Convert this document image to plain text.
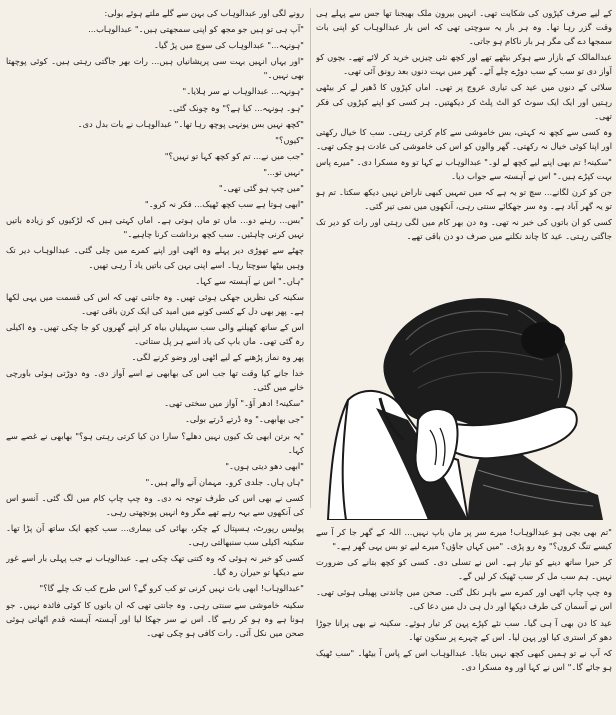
رونے لگی اور عبدالوہاب کی بہن سے گلے ملتے ہوئے بولی:

"آپ ہی تو ہیں جو مجھ کو اپنی سمجھتی ہیں۔" عبدالوہاب...

"ہونہہ..." عبدالوہاب کی سوچ میں پڑ گیا۔

"اور یہاں انہیں بہت سی پریشانیاں ہیں... رات بھر جاگتی رہتی ہیں۔ کوئی پوچھتا بھی نہیں۔"

"ہونہہ... عبدالوہاب نے سر ہلایا۔"

"ہو۔ ہونہہ... کیا ہے؟" وہ چونک گئی۔

"کچھ نہیں بس یونہی پوچھ رہا تھا۔" عبدالوہاب نے بات بدل دی۔

"کیوں؟"

"جب میں نے... تم کو کچھ کہا تو نہیں؟"

"نہیں تو..."

"میں چپ ہو گئی تھی۔"

"ابھی ہوتا ہے سب کچھ ٹھیک... فکر نہ کرو۔"

"بس... رہنے دو... ماں تو ماں ہوتی ہے۔ اماں کہتی ہیں کہ لڑکیوں کو زیادہ باتیں نہیں کرنی چاہئیں۔ سب کچھ برداشت کرنا چاہیے۔"

چھٹے سے تھوڑی دیر پہلے وہ اٹھی اور اپنے کمرے میں چلی گئی۔ عبدالوہاب دیر تک وہیں بیٹھا سوچتا رہا۔ اسے اپنی بہن کی باتیں یاد آ رہی تھیں۔

"ہاں۔" اس نے آہستہ سے کہا۔

سکینہ کی نظریں جھکی ہوئی تھیں۔ وہ جانتی تھی کہ اس کی قسمت میں یہی لکھا ہے۔ پھر بھی دل کے کسی کونے میں امید کی ایک کرن باقی تھی۔

اس کے ساتھ کھیلنے والی سب سہیلیاں بیاہ کر اپنے گھروں کو جا چکی تھیں۔ وہ اکیلی رہ گئی تھی۔ ماں باپ کی یاد اسے ہر پل ستاتی۔

پھر وہ نماز پڑھنے کے لیے اٹھی اور وضو کرنے لگی۔

خدا جانے کیا وقت تھا جب اس کی بھابھی نے اسے آواز دی۔ وہ دوڑتی ہوئی باورچی خانے میں گئی۔

"سکینہ! ادھر آؤ۔" آواز میں سختی تھی۔

"جی بھابھی۔" وہ ڈرتے ڈرتے بولی۔

"یہ برتن ابھی تک کیوں نہیں دھلے؟ سارا دن کیا کرتی رہتی ہو؟" بھابھی نے غصے سے کہا۔

"ابھی دھو دیتی ہوں۔"

"ہاں ہاں۔ جلدی کرو۔ مہمان آنے والے ہیں۔"

کسی نے بھی اس کی طرف توجہ نہ دی۔ وہ چپ چاپ کام میں لگ گئی۔ آنسو اس کی آنکھوں سے بہہ رہے تھے مگر وہ انہیں پونچھتی رہی۔

پولیس رپورٹ، ہسپتال کے چکر، بھائی کی بیماری... سب کچھ ایک ساتھ آن پڑا تھا۔ سکینہ اکیلی سب سنبھالتی رہی۔

کسی کو خبر نہ ہوئی کہ وہ کتنی تھک چکی ہے۔ عبدالوہاب نے جب پہلی بار اسے غور سے دیکھا تو حیران رہ گیا۔

"عبدالوہاب! ابھی بات نہیں کرنی تو کب کرو گے؟ اس طرح کب تک چلے گا؟"

سکینہ خاموشی سے سنتی رہی۔ وہ جانتی تھی کہ ان باتوں کا کوئی فائدہ نہیں۔ جو ہونا ہے وہ ہو کر رہے گا۔ اس نے سر جھکا لیا اور آہستہ آہستہ قدم اٹھاتی ہوئی صحن میں نکل آئی۔ رات کافی ہو چکی تھی۔

کے لیے صرف کپڑوں کی شکایت تھی۔ انہیں بیرون ملک بھیجنا تھا جس سے پہلے ہی وقت گزر رہا تھا۔ وہ ہر بار یہ سوچتی تھی کہ اس بار عبدالوہاب کو اپنی بات سمجھا دے گی مگر ہر بار ناکام ہو جاتی۔

عبدالمالک کے بازار سے ہوکر بیٹھے تھے اور کچھ نئی چیزیں خرید کر لائے تھے۔ بچوں کو آواز دی تو سب کے سب دوڑے چلے آئے۔ گھر میں بہت دنوں بعد رونق آئی تھی۔

سلائی کے دنوں میں عید کی تیاری عروج پر تھی۔ اماں کپڑوں کا ڈھیر لے کر بیٹھی رہتیں اور ایک ایک سوٹ کو الٹ پلٹ کر دیکھتیں۔ ہر کسی کو اپنے کپڑوں کی فکر تھی۔

وہ کسی سے کچھ نہ کہتی، بس خاموشی سے کام کرتی رہتی۔ سب کا خیال رکھتی اور اپنا کوئی خیال نہ رکھتی۔ گھر والوں کو اس کی خاموشی کی عادت ہو چکی تھی۔

"سکینہ! تم بھی اپنے لیے کچھ لے لو۔" عبدالوہاب نے کہا تو وہ مسکرا دی۔ "میرے پاس بہت کپڑے ہیں۔" اس نے آہستہ سے جواب دیا۔

جن کو کرن لگانے... سچ تو یہ ہے کہ میں تمہیں کبھی ناراض نہیں دیکھ سکتا۔ تم ہو تو یہ گھر آباد ہے۔ وہ سر جھکائے سنتی رہی، آنکھوں میں نمی تیر گئی۔

کسی کو ان باتوں کی خبر نہ تھی۔ وہ دن بھر کام میں لگی رہتی اور رات کو دیر تک جاگتی رہتی۔ عید کا چاند نکلنے میں صرف دو دن باقی تھے۔

"تم بھی بچی ہو عبدالوہاب! میرے سر پر ماں باپ نہیں... اللہ کے گھر جا کر آ سے کیسے تنگ کروں؟" وہ رو پڑی۔ "میں کہاں جاؤں؟ میرے لیے تو بس یہی گھر ہے۔"

کر حیرا ساتھ دینے کو تیار ہے۔ اس نے تسلی دی۔ کسی کو کچھ بتانے کی ضرورت نہیں۔ ہم سب مل کر سب ٹھیک کر لیں گے۔

وہ چپ چاپ اٹھی اور کمرے سے باہر نکل گئی۔ صحن میں چاندنی پھیلی ہوئی تھی۔ اس نے آسمان کی طرف دیکھا اور دل ہی دل میں دعا کی۔

عید کا دن بھی آ ہی گیا۔ سب نئے کپڑے پہن کر تیار ہوئے۔ سکینہ نے بھی پرانا جوڑا دھو کر استری کیا اور پہن لیا۔ اس کے چہرے پر سکون تھا۔

کہ آپ نے تو ہمیں کبھی کچھ نہیں بتایا۔ عبدالوہاب اس کے پاس آ بیٹھا۔ "سب ٹھیک ہو جائے گا۔" اس نے کہا اور وہ مسکرا دی۔
